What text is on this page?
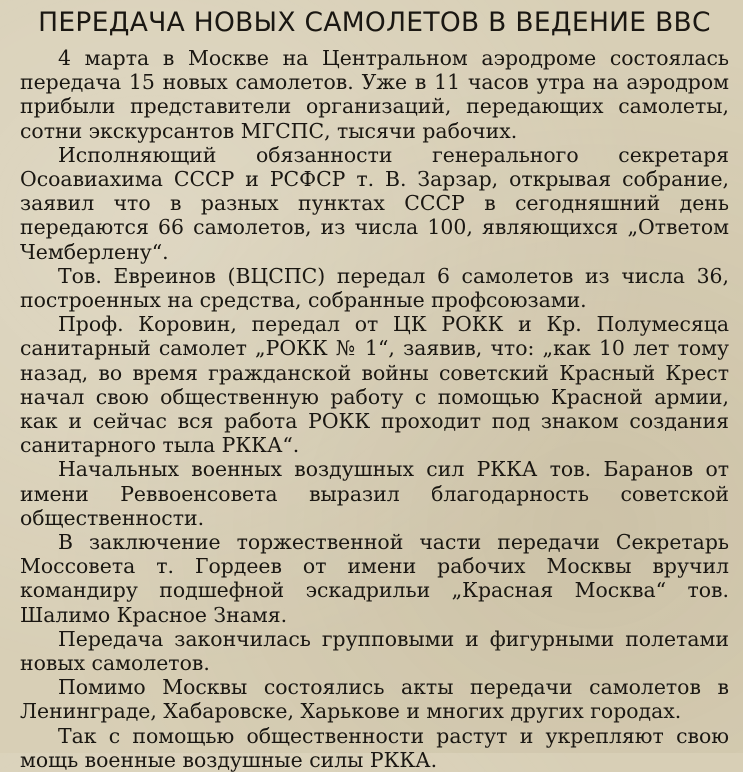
ПЕРЕДАЧА НОВЫХ САМОЛЕТОВ В ВЕДЕНИЕ ВВС

4 марта в Москве на Центральном аэродроме состоялась передача 15 новых самолетов. Уже в 11 часов утра на аэродром прибыли представители организаций, передающих самолеты, сотни экскурсантов МГСПС, тысячи рабочих.

Исполняющий обязанности генерального секретаря Осоавиахима СССР и РСФСР т. В. Зарзар, открывая собрание, заявил что в разных пунктах СССР в сегодняшний день передаются 66 самолетов, из числа 100, являющихся „Ответом Чемберлену“.

Тов. Евреинов (ВЦСПС) передал 6 самолетов из числа 36, построенных на средства, собранные профсоюзами.

Проф. Коровин, передал от ЦК РОКК и Кр. Полумесяца санитарный самолет „РОКК № 1“, заявив, что: „как 10 лет тому назад, во время гражданской войны советский Красный Крест начал свою общественную работу с помощью Красной армии, как и сейчас вся работа РОКК проходит под знаком создания санитарного тыла РККА“.

Начальных военных воздушных сил РККА тов. Баранов от имени Реввоенсовета выразил благодарность советской общественности.

В заключение торжественной части передачи Секретарь Моссовета т. Гордеев от имени рабочих Москвы вручил командиру подшефной эскадрильи „Красная Москва“ тов. Шалимо Красное Знамя.

Передача закончилась групповыми и фигурными полетами новых самолетов.

Помимо Москвы состоялись акты передачи самолетов в Ленинграде, Хабаровске, Харькове и многих других городах.

Так с помощью общественности растут и укрепляют свою мощь военные воздушные силы РККА.
